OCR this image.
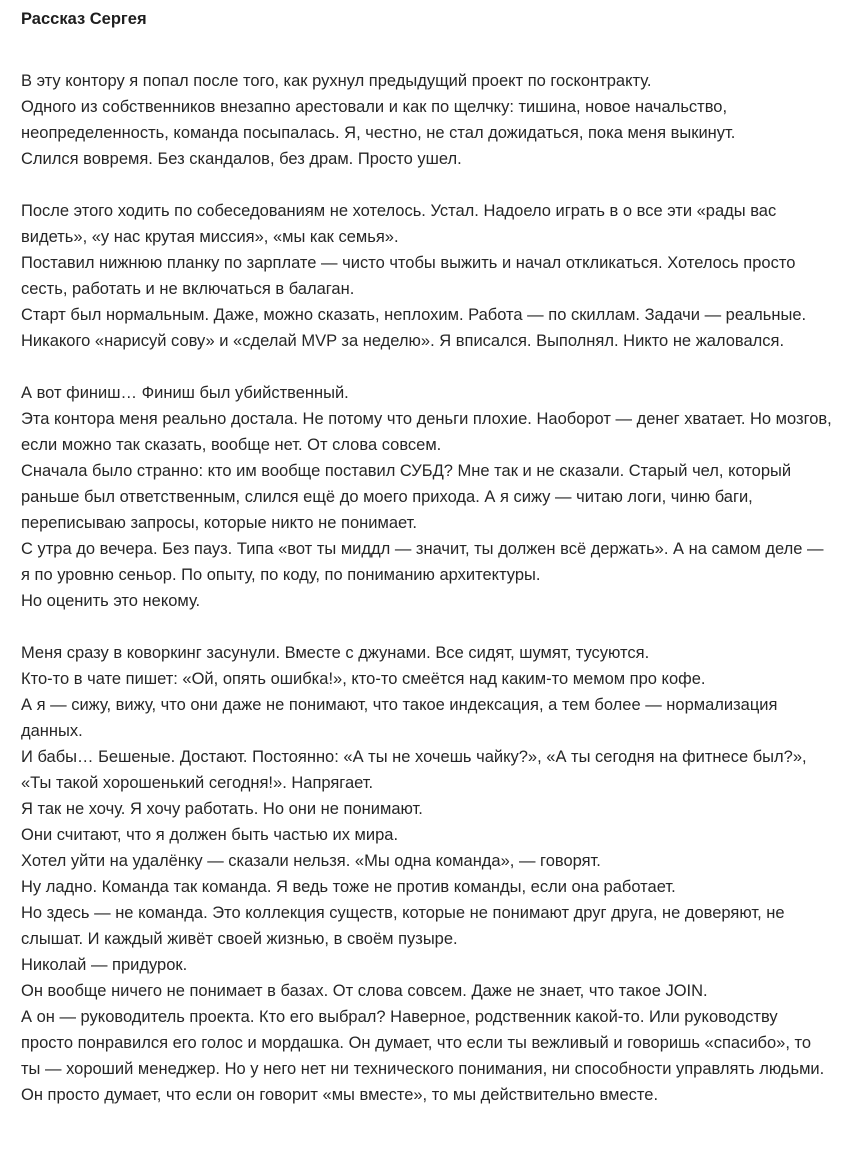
Рассказ Сергея
В эту контору я попал после того, как рухнул предыдущий проект по госконтракту.
Одного из собственников внезапно арестовали и как по щелчку: тишина, новое начальство, неопределенность, команда посыпалась. Я, честно, не стал дожидаться, пока меня выкинут.
Слился вовремя. Без скандалов, без драм. Просто ушел.
После этого ходить по собеседованиям не хотелось. Устал. Надоело играть в о все эти «рады вас видеть», «у нас крутая миссия», «мы как семья».
Поставил нижнюю планку по зарплате — чисто чтобы выжить и начал откликаться. Хотелось просто сесть, работать и не включаться в балаган.
Старт был нормальным. Даже, можно сказать, неплохим. Работа — по скиллам. Задачи — реальные. Никакого «нарисуй сову» и «сделай MVP за неделю». Я вписался. Выполнял. Никто не жаловался.
А вот финиш… Финиш был убийственный.
Эта контора меня реально достала. Не потому что деньги плохие. Наоборот — денег хватает. Но мозгов, если можно так сказать, вообще нет. От слова совсем.
Сначала было странно: кто им вообще поставил СУБД? Мне так и не сказали. Старый чел, который раньше был ответственным, слился ещё до моего прихода. А я сижу — читаю логи, чиню баги, переписываю запросы, которые никто не понимает.
С утра до вечера. Без пауз. Типа «вот ты миддл — значит, ты должен всё держать». А на самом деле — я по уровню сеньор. По опыту, по коду, по пониманию архитектуры.
Но оценить это некому.
Меня сразу в коворкинг засунули. Вместе с джунами. Все сидят, шумят, тусуются.
Кто-то в чате пишет: «Ой, опять ошибка!», кто-то смеётся над каким-то мемом про кофе.
А я — сижу, вижу, что они даже не понимают, что такое индексация, а тем более — нормализация данных.
И бабы… Бешеные. Достают. Постоянно: «А ты не хочешь чайку?», «А ты сегодня на фитнесе был?», «Ты такой хорошенький сегодня!». Напрягает.
Я так не хочу. Я хочу работать. Но они не понимают.
Они считают, что я должен быть частью их мира.
Хотел уйти на удалёнку — сказали нельзя. «Мы одна команда», — говорят.
Ну ладно. Команда так команда. Я ведь тоже не против команды, если она работает.
Но здесь — не команда. Это коллекция существ, которые не понимают друг друга, не доверяют, не слышат. И каждый живёт своей жизнью, в своём пузыре.
Николай — придурок.
Он вообще ничего не понимает в базах. От слова совсем. Даже не знает, что такое JOIN.
А он — руководитель проекта. Кто его выбрал? Наверное, родственник какой-то. Или руководству просто понравился его голос и мордашка. Он думает, что если ты вежливый и говоришь «спасибо», то ты — хороший менеджер. Но у него нет ни технического понимания, ни способности управлять людьми. Он просто думает, что если он говорит «мы вместе», то мы действительно вместе.
